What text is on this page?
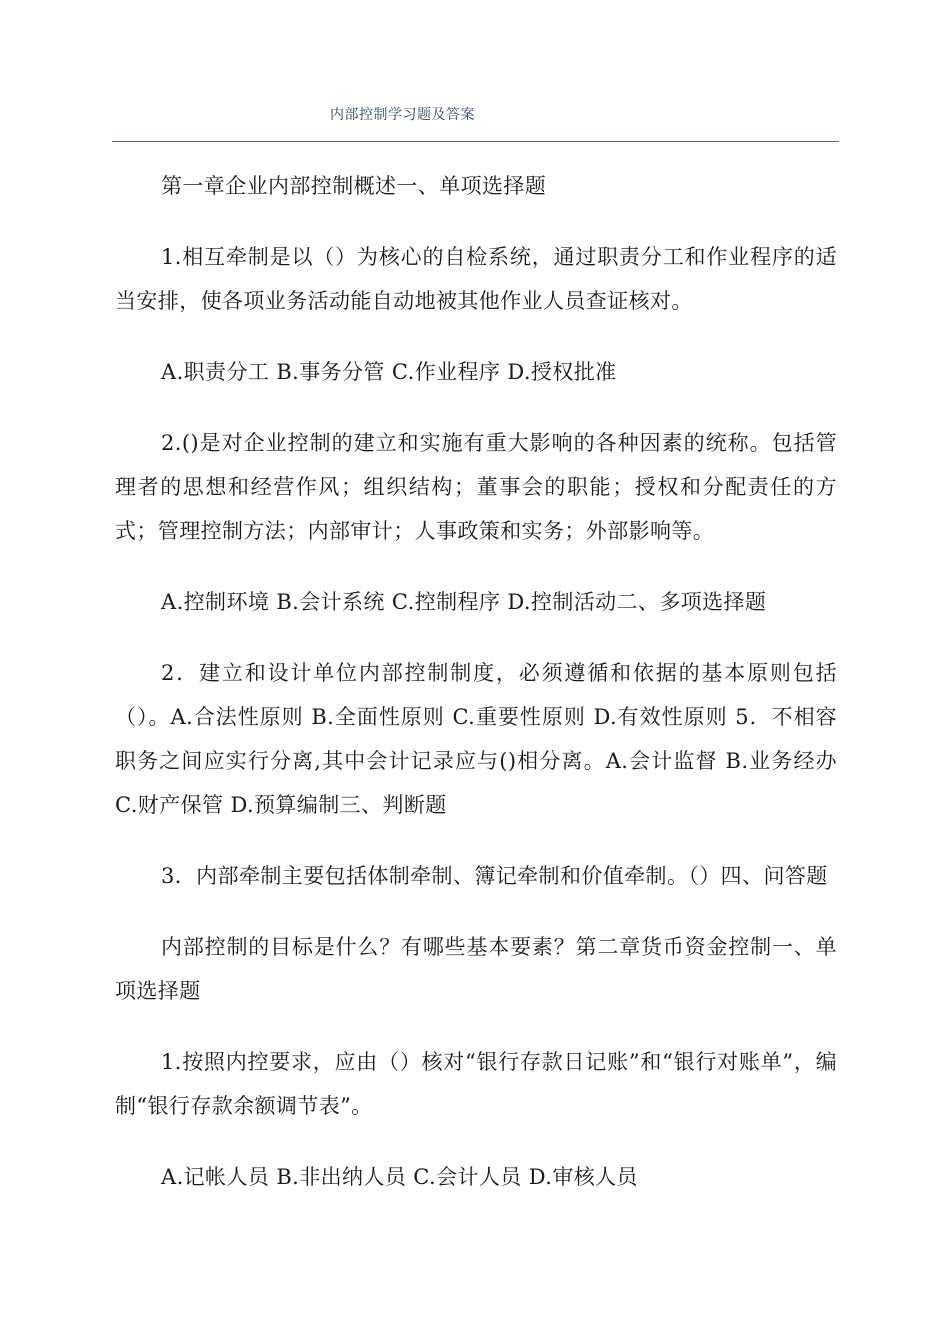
内部控制学习题及答案

第一章企业内部控制概述一、单项选择题

1.相互牵制是以（）为核心的自检系统，通过职责分工和作业程序的适当安排，使各项业务活动能自动地被其他作业人员查证核对。

A.职责分工 B.事务分管 C.作业程序 D.授权批准

2.()是对企业控制的建立和实施有重大影响的各种因素的统称。包括管理者的思想和经营作风；组织结构；董事会的职能；授权和分配责任的方式；管理控制方法；内部审计；人事政策和实务；外部影响等。

A.控制环境 B.会计系统 C.控制程序 D.控制活动二、多项选择题

2．建立和设计单位内部控制制度，必须遵循和依据的基本原则包括（）。A.合法性原则 B.全面性原则 C.重要性原则 D.有效性原则 5．不相容职务之间应实行分离,其中会计记录应与()相分离。A.会计监督 B.业务经办 C.财产保管 D.预算编制三、判断题

3．内部牵制主要包括体制牵制、簿记牵制和价值牵制。（）四、问答题

内部控制的目标是什么？有哪些基本要素？第二章货币资金控制一、单项选择题

1.按照内控要求，应由（）核对“银行存款日记账”和“银行对账单”，编制“银行存款余额调节表”。

A.记帐人员 B.非出纳人员 C.会计人员 D.审核人员
